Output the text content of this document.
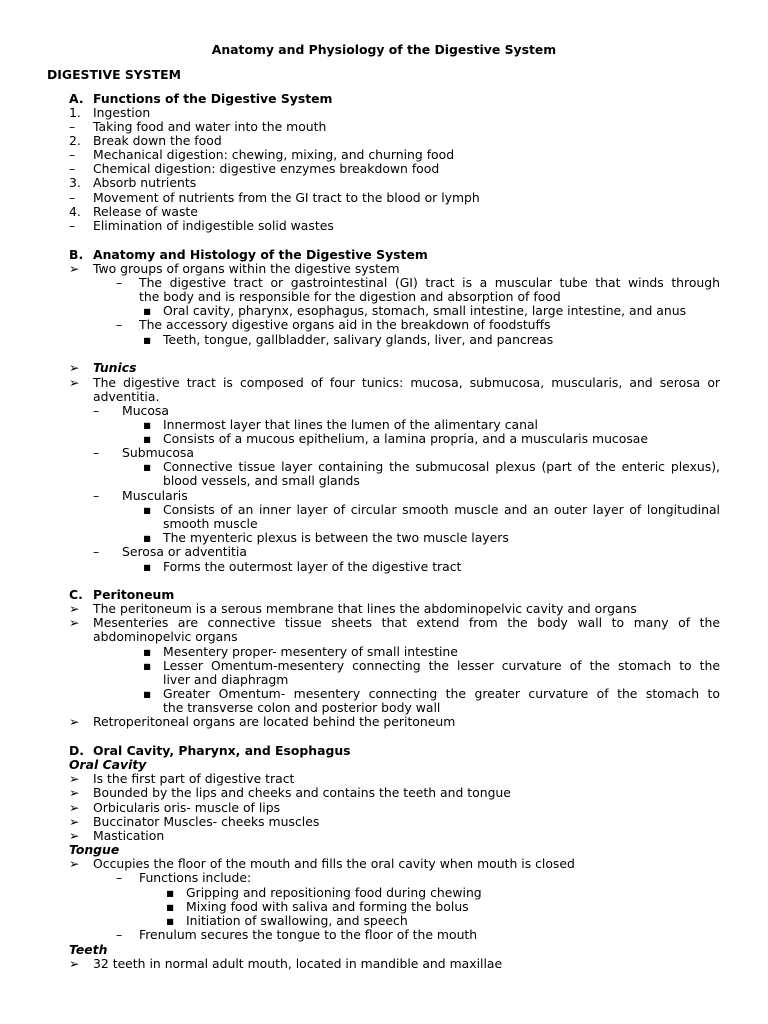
Anatomy and Physiology of the Digestive System
DIGESTIVE SYSTEM
A. Functions of the Digestive System
1. Ingestion
– Taking food and water into the mouth
2. Break down the food
– Mechanical digestion: chewing, mixing, and churning food
– Chemical digestion: digestive enzymes breakdown food
3. Absorb nutrients
– Movement of nutrients from the GI tract to the blood or lymph
4. Release of waste
– Elimination of indigestible solid wastes
B. Anatomy and Histology of the Digestive System
➢ Two groups of organs within the digestive system
– The digestive tract or gastrointestinal (GI) tract is a muscular tube that winds through
the body and is responsible for the digestion and absorption of food
▪ Oral cavity, pharynx, esophagus, stomach, small intestine, large intestine, and anus
– The accessory digestive organs aid in the breakdown of foodstuffs
▪ Teeth, tongue, gallbladder, salivary glands, liver, and pancreas
➢ Tunics
➢ The digestive tract is composed of four tunics: mucosa, submucosa, muscularis, and serosa or
adventitia.
– Mucosa
▪ Innermost layer that lines the lumen of the alimentary canal
▪ Consists of a mucous epithelium, a lamina propria, and a muscularis mucosae
– Submucosa
▪ Connective tissue layer containing the submucosal plexus (part of the enteric plexus),
blood vessels, and small glands
– Muscularis
▪ Consists of an inner layer of circular smooth muscle and an outer layer of longitudinal
smooth muscle
▪ The myenteric plexus is between the two muscle layers
– Serosa or adventitia
▪ Forms the outermost layer of the digestive tract
C. Peritoneum
➢ The peritoneum is a serous membrane that lines the abdominopelvic cavity and organs
➢ Mesenteries are connective tissue sheets that extend from the body wall to many of the
abdominopelvic organs
▪ Mesentery proper- mesentery of small intestine
▪ Lesser Omentum-mesentery connecting the lesser curvature of the stomach to the
liver and diaphragm
▪ Greater Omentum- mesentery connecting the greater curvature of the stomach to
the transverse colon and posterior body wall
➢ Retroperitoneal organs are located behind the peritoneum
D. Oral Cavity, Pharynx, and Esophagus
Oral Cavity
➢ Is the first part of digestive tract
➢ Bounded by the lips and cheeks and contains the teeth and tongue
➢ Orbicularis oris- muscle of lips
➢ Buccinator Muscles- cheeks muscles
➢ Mastication
Tongue
➢ Occupies the floor of the mouth and fills the oral cavity when mouth is closed
– Functions include:
▪ Gripping and repositioning food during chewing
▪ Mixing food with saliva and forming the bolus
▪ Initiation of swallowing, and speech
– Frenulum secures the tongue to the floor of the mouth
Teeth
➢ 32 teeth in normal adult mouth, located in mandible and maxillae
